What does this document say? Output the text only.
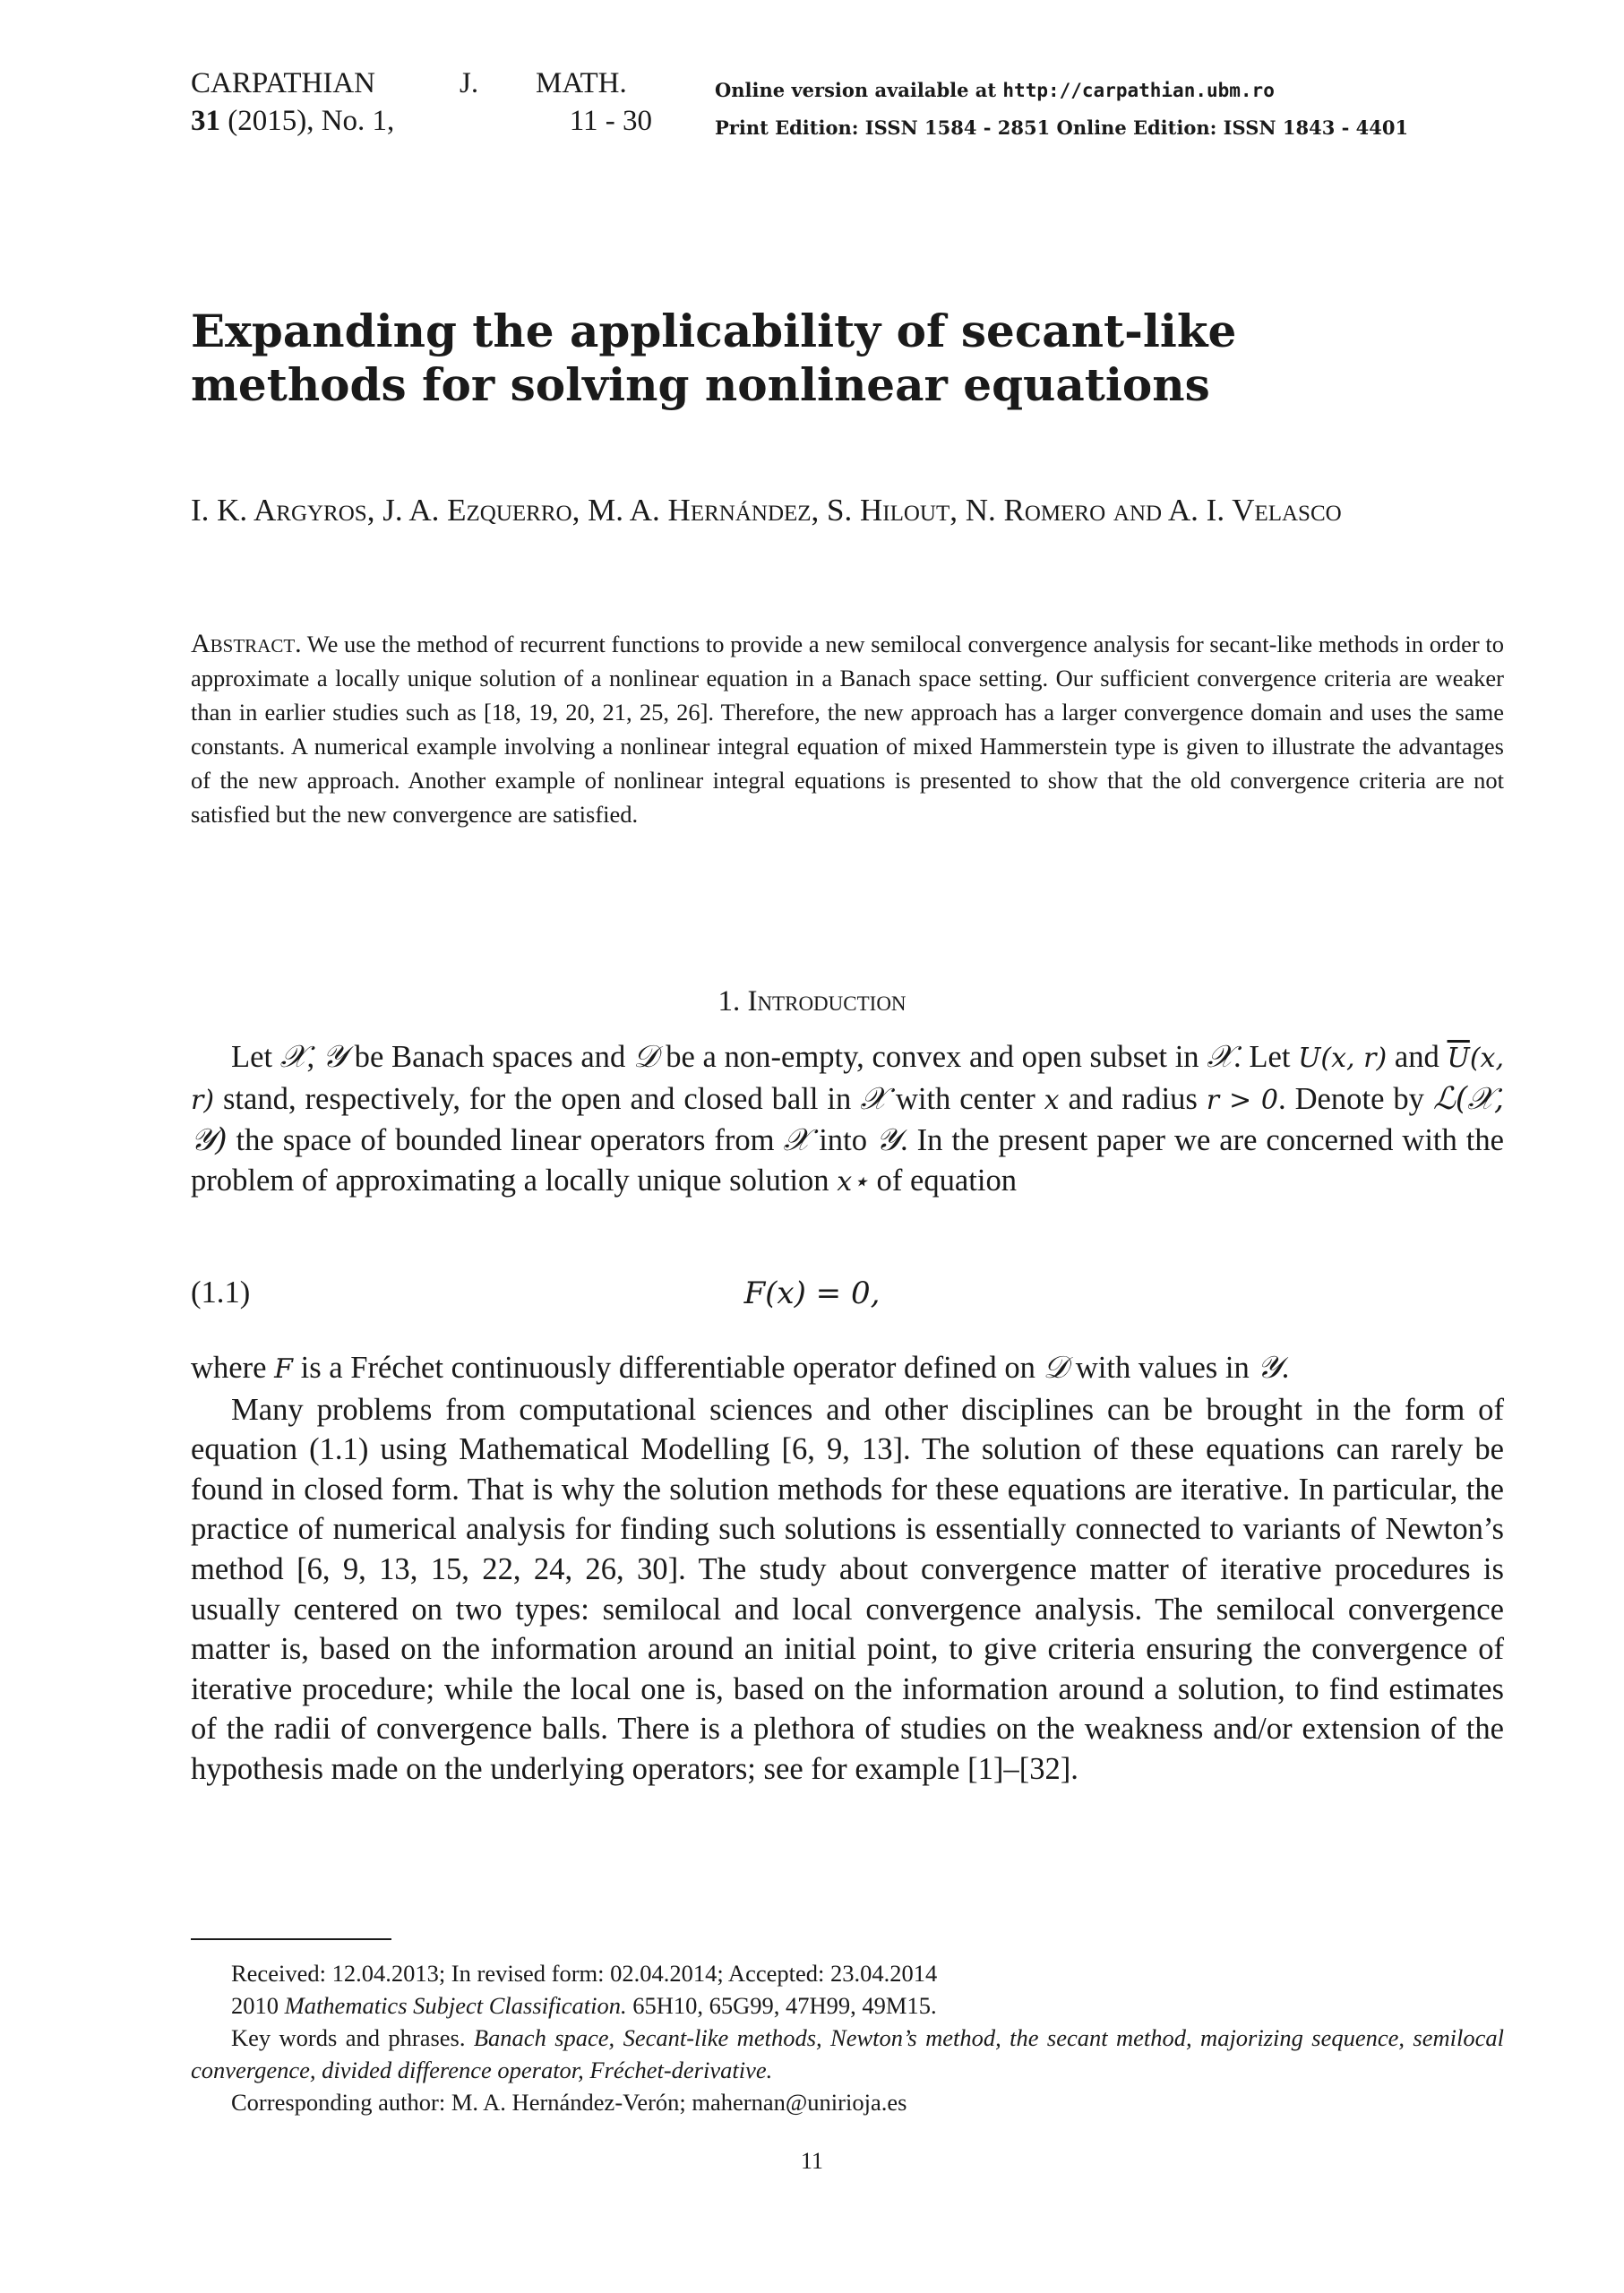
CARPATHIAN	J.	MATH.
31 (2015), No. 1,	11 - 30
Online version available at http://carpathian.ubm.ro
Print Edition: ISSN 1584 - 2851 Online Edition: ISSN 1843 - 4401
Expanding the applicability of secant-like methods for solving nonlinear equations
I. K. Argyros, J. A. Ezquerro, M. A. Hernández, S. Hilout, N. Romero and A. I. Velasco
Abstract. We use the method of recurrent functions to provide a new semilocal convergence analysis for secant-like methods in order to approximate a locally unique solution of a nonlinear equation in a Banach space setting. Our sufficient convergence criteria are weaker than in earlier studies such as [18, 19, 20, 21, 25, 26]. Therefore, the new approach has a larger convergence domain and uses the same constants. A numerical example involving a nonlinear integral equation of mixed Hammerstein type is given to illustrate the advantages of the new approach. Another example of nonlinear integral equations is presented to show that the old convergence criteria are not satisfied but the new convergence are satisfied.
1. Introduction
Let 𝒳, 𝒴 be Banach spaces and 𝒟 be a non-empty, convex and open subset in 𝒳. Let U(x, r) and $\overline{U}(x$, r) stand, respectively, for the open and closed ball in 𝒳 with center x and radius r > 0. Denote by ℒ(𝒳, 𝒴) the space of bounded linear operators from 𝒳 into 𝒴. In the present paper we are concerned with the problem of approximating a locally unique solution x⋆ of equation
F(x) = 0,
(1.1)
where F is a Fréchet continuously differentiable operator defined on 𝒟 with values in 𝒴.
Many problems from computational sciences and other disciplines can be brought in the form of equation (1.1) using Mathematical Modelling [6, 9, 13]. The solution of these equations can rarely be found in closed form. That is why the solution methods for these equations are iterative. In particular, the practice of numerical analysis for finding such solutions is essentially connected to variants of Newton’s method [6, 9, 13, 15, 22, 24, 26, 30]. The study about convergence matter of iterative procedures is usually centered on two types: semilocal and local convergence analysis. The semilocal convergence matter is, based on the information around an initial point, to give criteria ensuring the convergence of iterative procedure; while the local one is, based on the information around a solution, to find estimates of the radii of convergence balls. There is a plethora of studies on the weakness and/or extension of the hypothesis made on the underlying operators; see for example [1]–[32].
Received: 12.04.2013; In revised form: 02.04.2014; Accepted: 23.04.2014
2010 Mathematics Subject Classification. 65H10, 65G99, 47H99, 49M15.
Key words and phrases. Banach space, Secant-like methods, Newton’s method, the secant method, majorizing sequence, semilocal convergence, divided difference operator, Fréchet-derivative.
Corresponding author: M. A. Hernández-Verón; mahernan@unirioja.es
11
